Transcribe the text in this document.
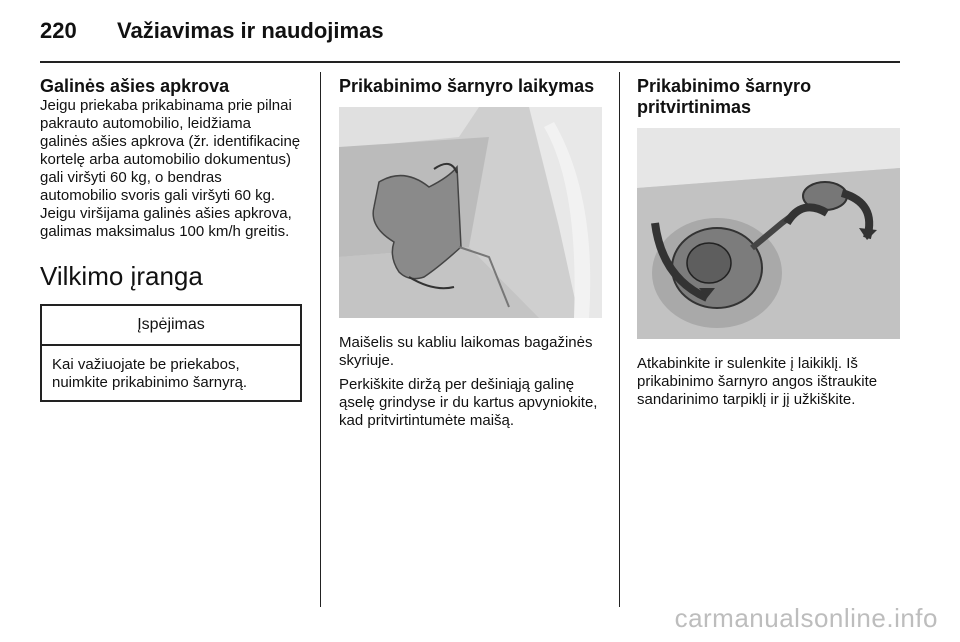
220 Važiavimas ir naudojimas
Galinės ašies apkrova

Jeigu priekaba prikabinama prie pilnai pakrauto automobilio, leidžiama galinės ašies apkrova (žr. identifikacinę kortelę arba automobilio dokumentus) gali viršyti 60 kg, o bendras automobilio svoris gali viršyti 60 kg. Jeigu viršijama galinės ašies apkrova, galimas maksimalus 100 km/h greitis.

Vilkimo įranga
Įspėjimas
Kai važiuojate be priekabos, nuimkite prikabinimo šarnyrą.
Prikabinimo šarnyro laikymas

Maišelis su kabliu laikomas bagažinės skyriuje.

Perkiškite diržą per dešiniąją galinę ąselę grindyse ir du kartus apvyniokite, kad pritvirtintumėte maišą.

Prikabinimo šarnyro pritvirtinimas

Atkabinkite ir sulenkite į laikiklį. Iš prikabinimo šarnyro angos ištraukite sandarinimo tarpiklį ir jį užkiškite.

carmanualsonline.info
